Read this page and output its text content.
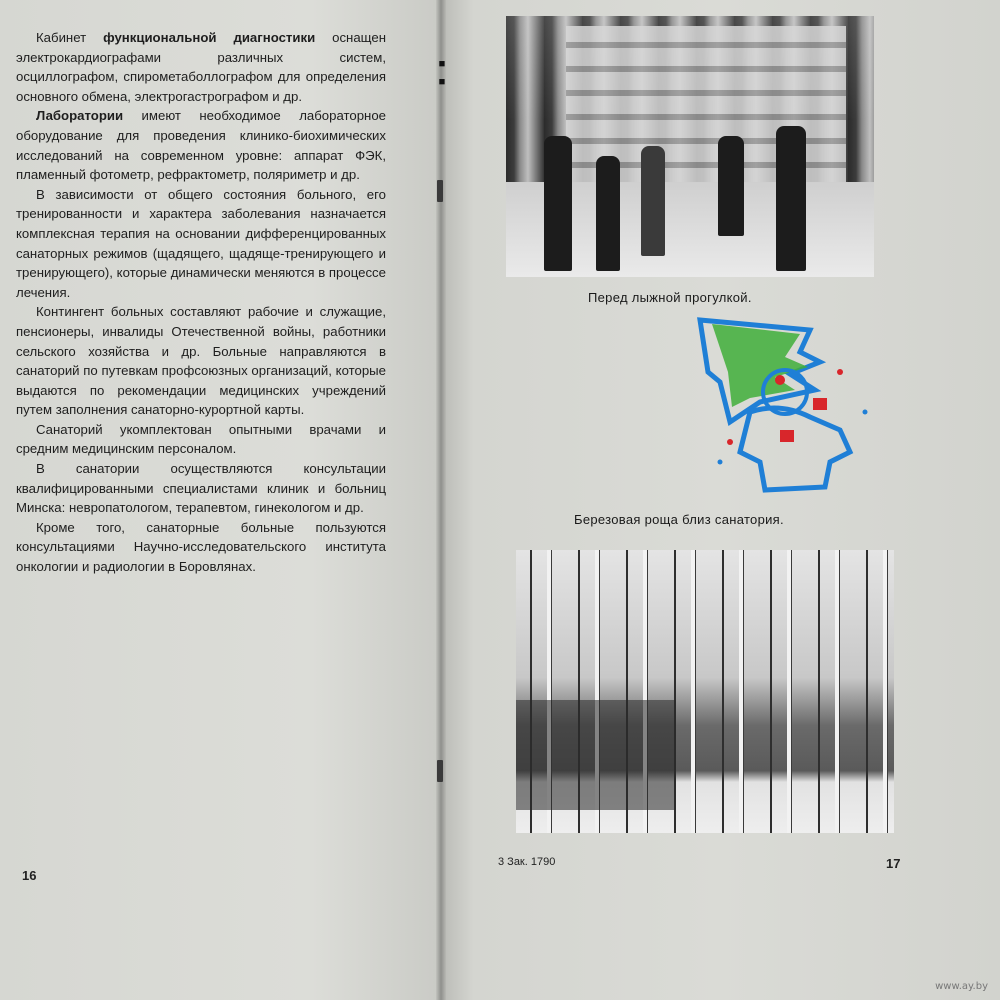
Кабинет функциональной диагностики оснащен электрокардиографами различных систем, осциллографом, спирометаболлографом для определения основного обмена, электрогастрографом и др.

Лаборатории имеют необходимое лабораторное оборудование для проведения клинико-биохимических исследований на современном уровне: аппарат ФЭК, пламенный фотометр, рефрактометр, поляриметр и др.

В зависимости от общего состояния больного, его тренированности и характера заболевания назначается комплексная терапия на основании дифференцированных санаторных режимов (щадящего, щадяще-тренирующего и тренирующего), которые динамически меняются в процессе лечения.

Контингент больных составляют рабочие и служащие, пенсионеры, инвалиды Отечественной войны, работники сельского хозяйства и др. Больные направляются в санаторий по путевкам профсоюзных организаций, которые выдаются по рекомендации медицинских учреждений путем заполнения санаторно-курортной карты.

Санаторий укомплектован опытными врачами и средним медицинским персоналом.

В санатории осуществляются консультации квалифицированными специалистами клиник и больниц Минска: невропатологом, терапевтом, гинекологом и др.

Кроме того, санаторные больные пользуются консультациями Научно-исследовательского института онкологии и радиологии в Боровлянах.

16
Перед лыжной прогулкой.
Березовая роща близ санатория.
3 Зак. 1790	17
■
■
www.ay.by
